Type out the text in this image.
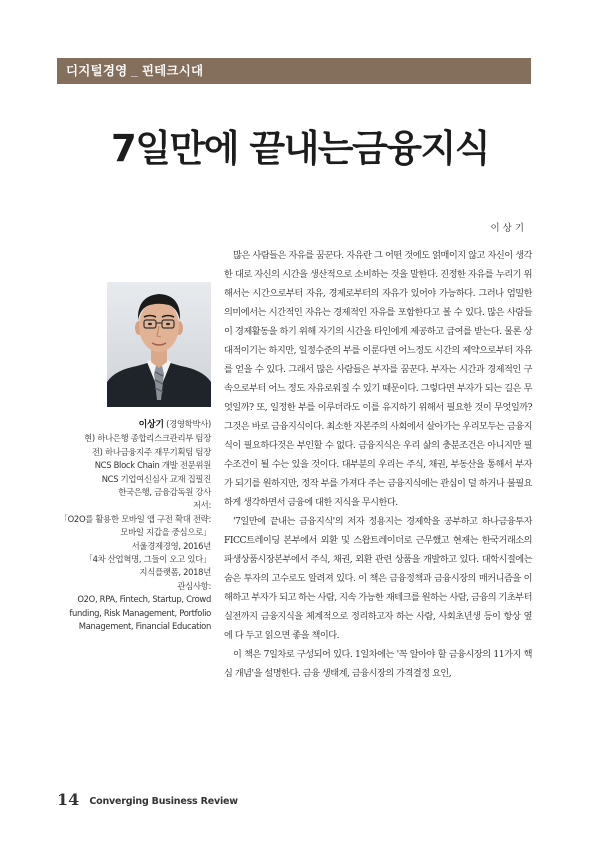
디지털경영 _ 핀테크시대
7일만에 끝내는금융지식
이상기

이상기 (경영학박사)

현) 하나은행 종합리스크관리부 팀장

전) 하나금융지주 재무기획팀 팀장

NCS Block Chain 개발 전문위원

NCS 기업여신심사 교재 집필진

한국은행, 금융감독원 강사

저서:

「O2O를 활용한 모바일 앱 구전 확대 전략:

모바일 지갑을 중심으로」

서울경제경영, 2016년

「4차 산업혁명, 그들이 오고 있다」

지식플랫폼, 2018년

관심사항:

O2O, RPA, Fintech, Startup, Crowd

funding, Risk Management, Portfolio

Management, Financial Education

많은 사람들은 자유를 꿈꾼다. 자유란 그 어떤 것에도 얽매이지 않고 자신이 생각한 대로 자신의 시간을 생산적으로 소비하는 것을 말한다. 진정한 자유를 누리기 위해서는 시간으로부터 자유, 경제로부터의 자유가 있어야 가능하다. 그러나 엄밀한 의미에서는 시간적인 자유는 경제적인 자유를 포함한다고 볼 수 있다. 많은 사람들이 경제활동을 하기 위해 자기의 시간을 타인에게 제공하고 급여를 받는다. 물론 상대적이기는 하지만, 일정수준의 부를 이룬다면 어느정도 시간의 제약으로부터 자유를 얻을 수 있다. 그래서 많은 사람들은 부자를 꿈꾼다. 부자는 시간과 경제적인 구속으로부터 어느 정도 자유로워질 수 있기 때문이다. 그렇다면 부자가 되는 길은 무엇일까? 또, 일정한 부를 이루더라도 이를 유지하기 위해서 필요한 것이 무엇일까? 그것은 바로 금융지식이다. 최소한 자본주의 사회에서 살아가는 우리모두는 금융지식이 필요하다것은 부인할 수 없다. 금융지식은 우리 삶의 충분조건은 아니지만 필수조건이 될 수는 있을 것이다. 대부분의 우리는 주식, 채권, 부동산을 통해서 부자가 되기를 원하지만, 정작 부를 가져다 주는 금융지식에는 관심이 덜 하거나 불필요하게 생각하면서 금융에 대한 지식을 무시한다.

'7일만에 끝내는 금융지식'의 저자 정용지는 경제학을 공부하고 하나금융투자 FICC트레이딩 본부에서 외환 및 스왑트레이더로 근무했고 현재는 한국거래소의 파생상품시장본부에서 주식, 채권, 외환 관련 상품을 개발하고 있다. 대학시절에는 숨은 투자의 고수로도 알려져 있다. 이 책은 금융정책과 금융시장의 매커니즘을 이해하고 부자가 되고 하는 사람, 지속 가능한 재테크를 원하는 사람, 금융의 기초부터 실전까지 금융지식을 체계적으로 정리하고자 하는 사람, 사회초년생 등이 항상 옆에 다 두고 읽으면 좋을 책이다.

이 책은 7일차로 구성되어 있다. 1일차에는 '꼭 알아야 할 금융시장의 11가지 핵심 개념'을 설명한다. 금융 생태계, 금융시장의 가격결정 요인,

14 Converging Business Review
